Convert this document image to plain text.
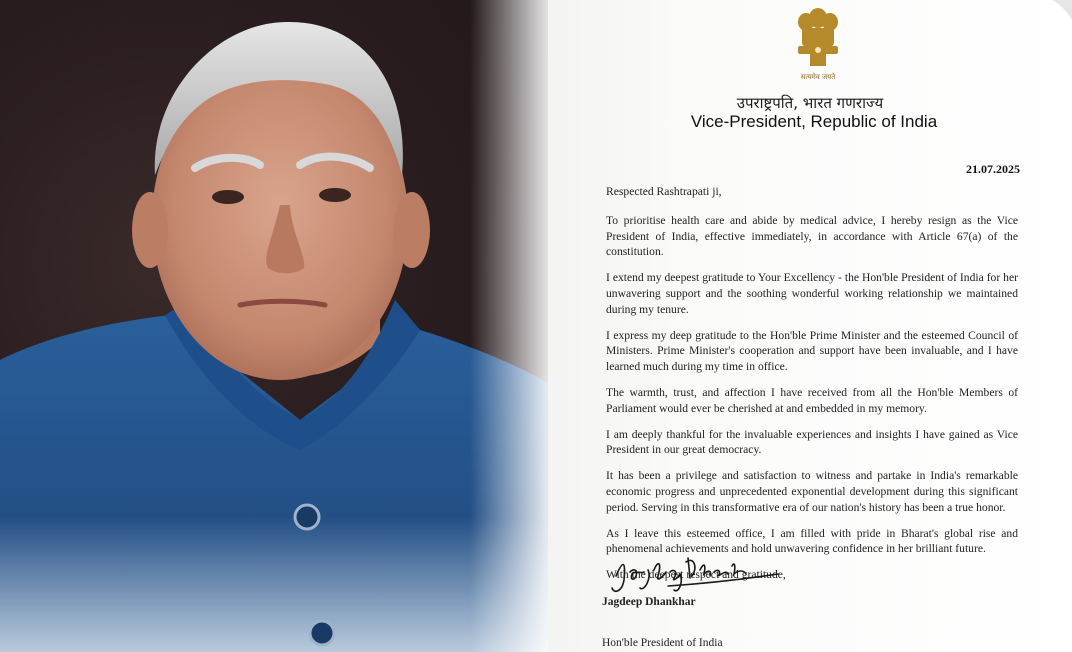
सत्यमेव जयते
उपराष्ट्रपति, भारत गणराज्य
Vice-President, Republic of India
21.07.2025

Respected Rashtrapati ji,

To prioritise health care and abide by medical advice, I hereby resign as the Vice President of India, effective immediately, in accordance with Article 67(a) of the constitution.

I extend my deepest gratitude to Your Excellency - the Hon'ble President of India for her unwavering support and the soothing wonderful working relationship we maintained during my tenure.

I express my deep gratitude to the Hon'ble Prime Minister and the esteemed Council of Ministers. Prime Minister's cooperation and support have been invaluable, and I have learned much during my time in office.

The warmth, trust, and affection I have received from all the Hon'ble Members of Parliament would ever be cherished at and embedded in my memory.

I am deeply thankful for the invaluable experiences and insights I have gained as Vice President in our great democracy.

It has been a privilege and satisfaction to witness and partake in India's remarkable economic progress and unprecedented exponential development during this significant period. Serving in this transformative era of our nation's history has been a true honor.

As I leave this esteemed office, I am filled with pride in Bharat's global rise and phenomenal achievements and hold unwavering confidence in her brilliant future.

With the deepest respect and gratitude,

Jagdeep Dhankhar
Hon'ble President of India
